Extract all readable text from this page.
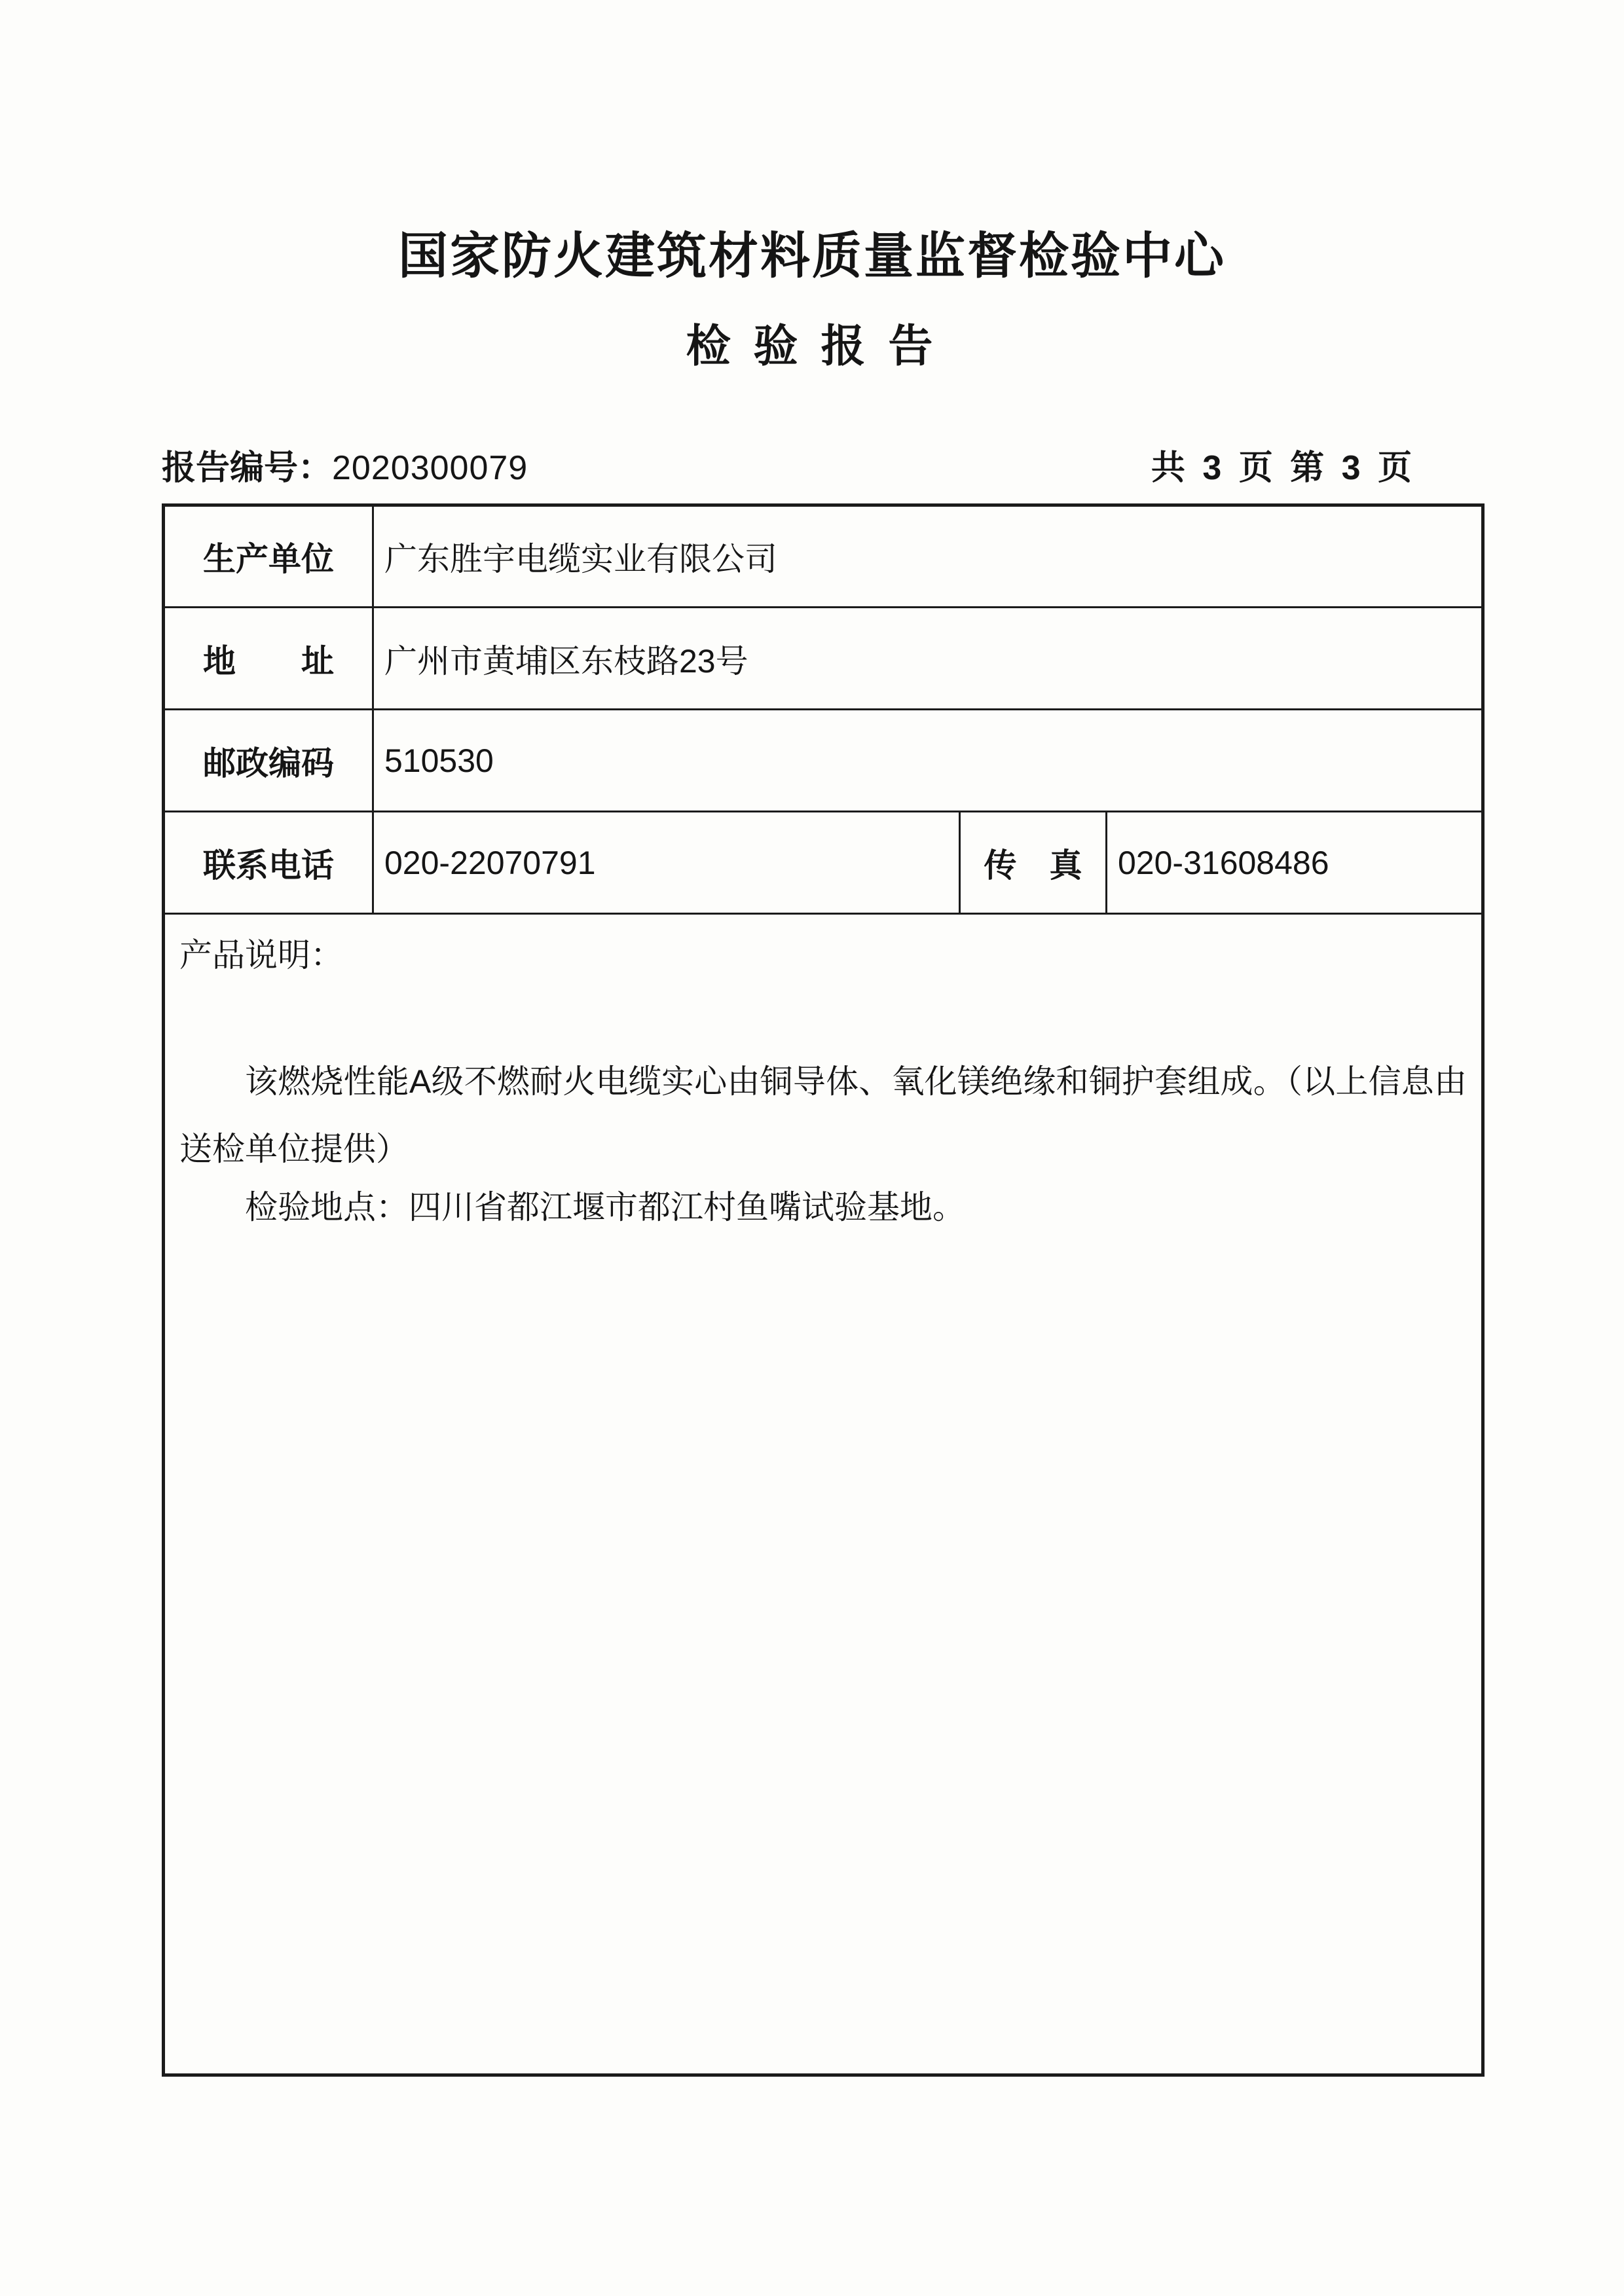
国家防火建筑材料质量监督检验中心
检 验 报 告
报告编号：2020300079	共 3 页 第 3 页
生产单位	广东胜宇电缆实业有限公司		
地　　址	广州市黄埔区东枝路23号		
邮政编码	510530		
联系电话	020-22070791	传　真	020-31608486

产品说明：

该燃烧性能A级不燃耐火电缆实心由铜导体、氧化镁绝缘和铜护套组成。（以上信息由送检单位提供）

检验地点：四川省都江堰市都江村鱼嘴试验基地。			
